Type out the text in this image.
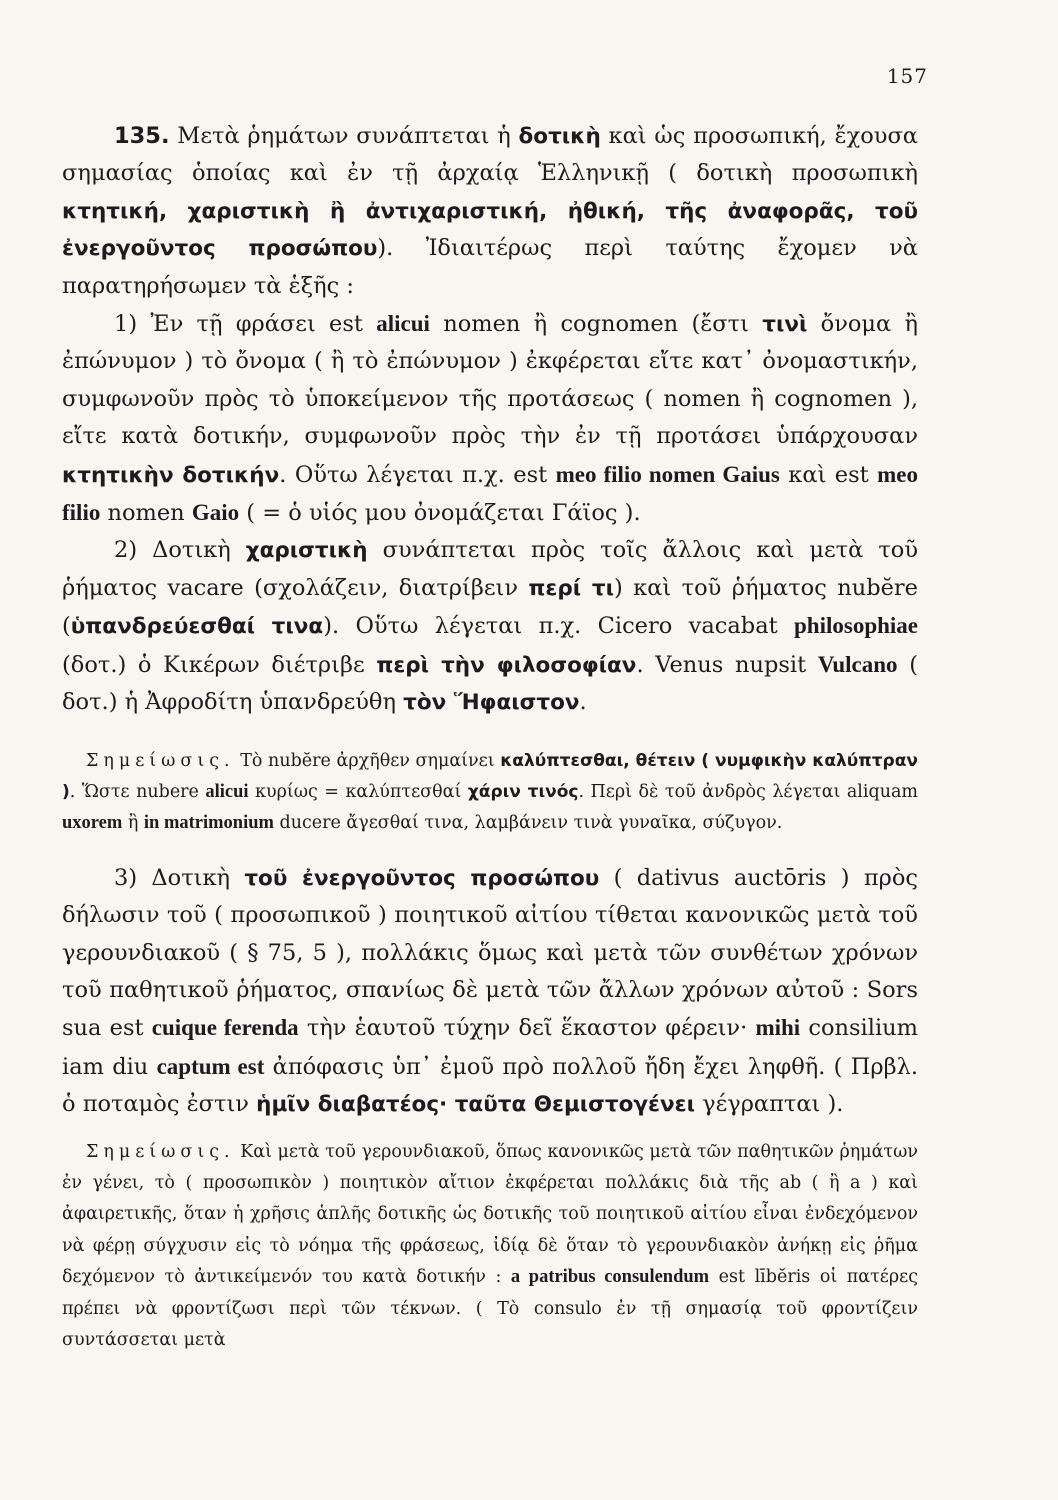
157

135. Μετὰ ῥημάτων συνάπτεται ἡ δοτικὴ καὶ ὡς προσωπική, ἔχουσα σημασίας ὁποίας καὶ ἐν τῇ ἀρχαίᾳ Ἑλληνικῇ ( δοτικὴ προσωπικὴ κτητική, χαριστικὴ ἢ ἀντιχαριστική, ἠθική, τῆς ἀναφορᾶς, τοῦ ἐνεργοῦντος προσώπου). Ἰδιαιτέρως περὶ ταύτης ἔχομεν νὰ παρατηρήσωμεν τὰ ἑξῆς :

1) Ἐν τῇ φράσει est alicui nomen ἢ cognomen (ἔστι τινὶ ὄνομα ἢ ἐπώνυμον ) τὸ ὄνομα ( ἢ τὸ ἐπώνυμον ) ἐκφέρεται εἴτε κατ᾽ ὀνομαστικήν, συμφωνοῦν πρὸς τὸ ὑποκείμενον τῆς προτάσεως ( nomen ἢ cognomen ), εἴτε κατὰ δοτικήν, συμφωνοῦν πρὸς τὴν ἐν τῇ προτάσει ὑπάρχουσαν κτητικὴν δοτικήν. Οὕτω λέγεται π.χ. est meo filio nomen Gaius καὶ est meo filio nomen Gaio ( = ὁ υἱός μου ὀνομάζεται Γάϊος ).

2) Δοτικὴ χαριστικὴ συνάπτεται πρὸς τοῖς ἄλλοις καὶ μετὰ τοῦ ῥήματος vacare (σχολάζειν, διατρίβειν περί τι) καὶ τοῦ ῥήματος nubĕre (ὑπανδρεύεσθαί τινα). Οὕτω λέγεται π.χ. Cicero vacabat philosophiae (δοτ.) ὁ Κικέρων διέτριβε περὶ τὴν φιλοσοφίαν. Venus nupsit Vulcano ( δοτ.) ἡ Ἀφροδίτη ὑπανδρεύθη τὸν Ἥφαιστον.

Σημείωσις. Τὸ nubĕre ἀρχῆθεν σημαίνει καλύπτεσθαι, θέτειν ( νυμφικὴν καλύπτραν ). Ὥστε nubere alicui κυρίως = καλύπτεσθαί χάριν τινός. Περὶ δὲ τοῦ ἀνδρὸς λέγεται aliquam uxorem ἢ in matrimonium ducere ἄγεσθαί τινα, λαμβάνειν τινὰ γυναῖκα, σύζυγον.

3) Δοτικὴ τοῦ ἐνεργοῦντος προσώπου ( dativus auctōris ) πρὸς δήλωσιν τοῦ ( προσωπικοῦ ) ποιητικοῦ αἰτίου τίθεται κανονικῶς μετὰ τοῦ γερουνδιακοῦ ( § 75, 5 ), πολλάκις ὅμως καὶ μετὰ τῶν συνθέτων χρόνων τοῦ παθητικοῦ ῥήματος, σπανίως δὲ μετὰ τῶν ἄλλων χρόνων αὐτοῦ : Sors sua est cuique ferenda τὴν ἑαυτοῦ τύχην δεῖ ἕκαστον φέρειν· mihi consilium iam diu captum est ἀπόφασις ὑπ᾽ ἐμοῦ πρὸ πολλοῦ ἤδη ἔχει ληφθῆ. ( Πρβλ. ὁ ποταμὸς ἐστιν ἡμῖν διαβατέος· ταῦτα Θεμιστογένει γέγραπται ).

Σημείωσις. Καὶ μετὰ τοῦ γερουνδιακοῦ, ὅπως κανονικῶς μετὰ τῶν παθητικῶν ῥημάτων ἐν γένει, τὸ ( προσωπικὸν ) ποιητικὸν αἴτιον ἐκφέρεται πολλάκις διὰ τῆς ab ( ἢ a ) καὶ ἀφαιρετικῆς, ὅταν ἡ χρῆσις ἁπλῆς δοτικῆς ὡς δοτικῆς τοῦ ποιητικοῦ αἰτίου εἶναι ἐνδεχόμενον νὰ φέρῃ σύγχυσιν εἰς τὸ νόημα τῆς φράσεως, ἰδίᾳ δὲ ὅταν τὸ γερουνδιακὸν ἀνήκῃ εἰς ῥῆμα δεχόμενον τὸ ἀντικείμενόν του κατὰ δοτικήν : a patribus consulendum est lībĕris οἱ πατέρες πρέπει νὰ φροντίζωσι περὶ τῶν τέκνων. ( Τὸ consulo ἐν τῇ σημασίᾳ τοῦ φροντίζειν συντάσσεται μετὰ
